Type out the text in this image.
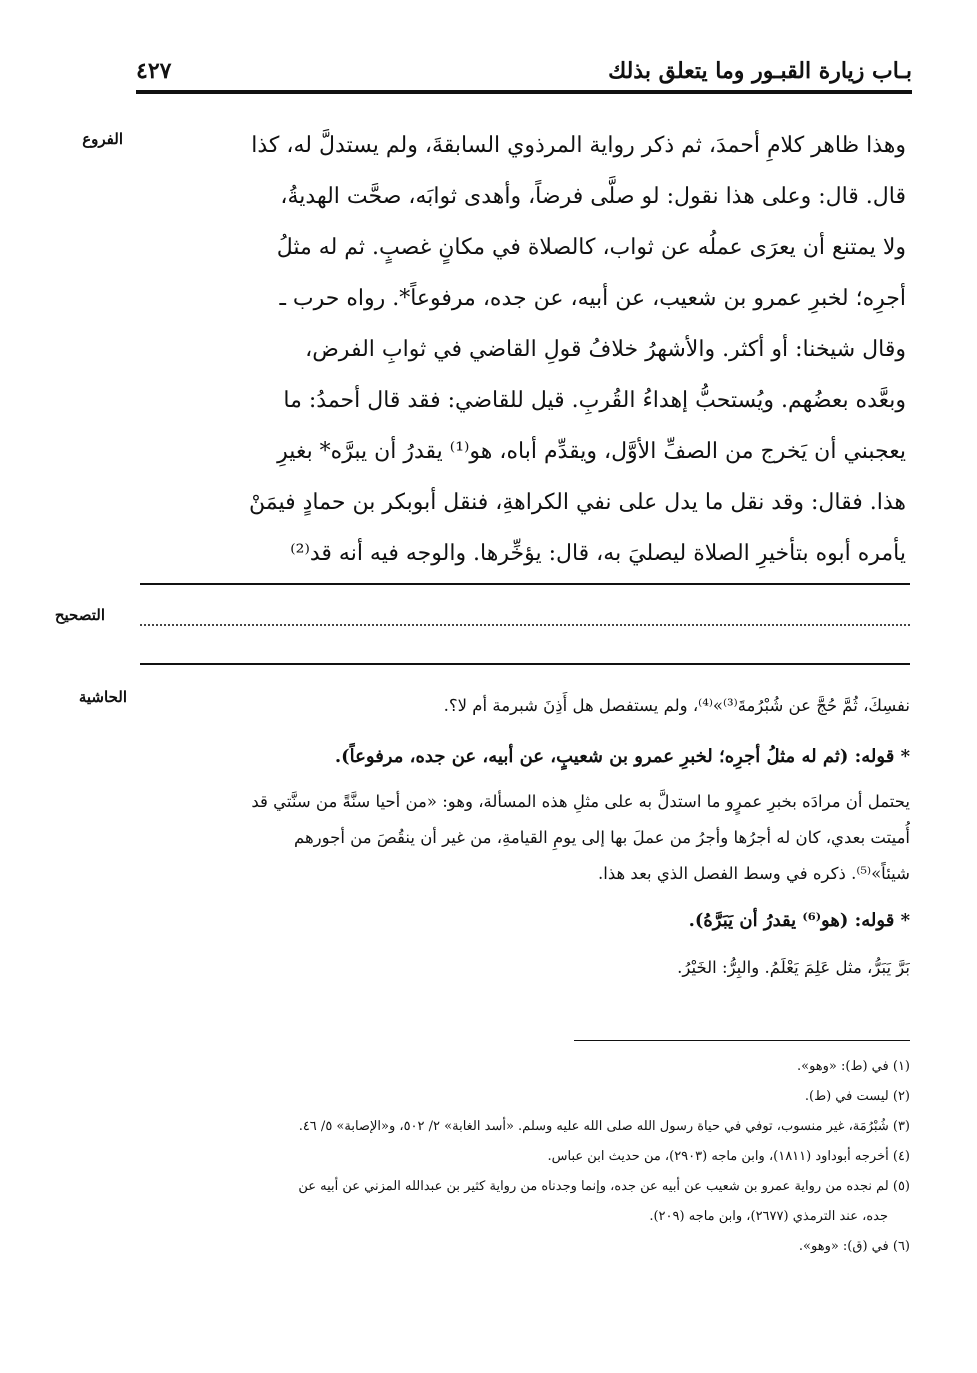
بـاب زيارة القبـور وما يتعلق بذلك
٤٢٧
الفروع	وهذا ظاهر كلامِ أحمدَ، ثم ذكر رواية المرذوي السابقةَ، ولم يستدلَّ له، كذا
قال. قال: وعلى هذا نقول: لو صلَّى فرضاً، وأهدى ثوابَه، صحَّت الهديةُ،
ولا يمتنع أن يعرَى عملُه عن ثواب، كالصلاة في مكانٍ غصبٍ. ثم له مثلُ
أجرِه؛ لخبرِ عمرو بن شعيب، عن أبيه، عن جده، مرفوعاً*. رواه حرب ـ
وقال شيخنا: أو أكثر. والأشهرُ خلافُ قولِ القاضي في ثوابِ الفرض،
وبعَّده بعضُهم. ويُستحبُّ إهداءُ القُربِ. قيل للقاضي: فقد قال أحمدُ: ما
يعجبني أن يَخرج من الصفِّ الأوَّل، ويقدِّم أباه، هو⁽¹⁾ يقدرُ أن يبرَّه* بغيرِ
هذا. فقال: وقد نقل ما يدل على نفي الكراهةِ، فنقل أبوبكر بن حمادٍ فيمَنْ
يأمره أبوه بتأخيرِ الصلاة ليصليَ به، قال: يؤخِّرها. والوجه فيه أنه قد⁽²⁾
التصحيح
الحاشية	نفسِكَ، ثُمَّ حُجَّ عن شُبْرُمةَ⁽³⁾»⁽⁴⁾، ولم يستفصل هل أَذِنَ شبرمة أم لا؟.
* قوله: (ثم له مثلُ أجرِه؛ لخبرِ عمرو بن شعيبٍ، عن أبيه، عن جده، مرفوعاً).
يحتمل أن مرادَه بخبرِ عمرٍو ما استدلَّ به على مثلِ هذه المسألة، وهو: «من أحيا سنَّةً من سنَّتي قد
أُميتت بعدي، كان له أجرُها وأجرُ من عملَ بها إلى يومِ القيامةِ، من غير أن ينقُصَ من أجورهم
شيئاً»⁽⁵⁾. ذكره في وسط الفصل الذي بعد هذا.
* قوله: (هو⁽⁶⁾ يقدرُ أن يَبَرَّهُ).
بَرَّ يَبَرُّ، مثل عَلِمَ يَعْلَمُ. والبِرُّ: الخَيْرُ.
(١) في (ط): «وهو».
(٢) ليست في (ط).
(٣) شُبْرُمَة، غير منسوب، توفي في حياة رسول الله صلى الله عليه وسلم. «أسد الغابة» ٢/ ٥٠٢، و«الإصابة» ٥/ ٤٦.
(٤) أخرجه أبوداود (١٨١١)، وابن ماجه (٢٩٠٣)، من حديث ابن عباس.
(٥) لم نجده من رواية عمرو بن شعيب عن أبيه عن جده، وإنما وجدناه من رواية كثير بن عبدالله المزني عن أبيه عن
جده، عند الترمذي (٢٦٧٧)، وابن ماجه (٢٠٩).
(٦) في (ق): «وهو».
